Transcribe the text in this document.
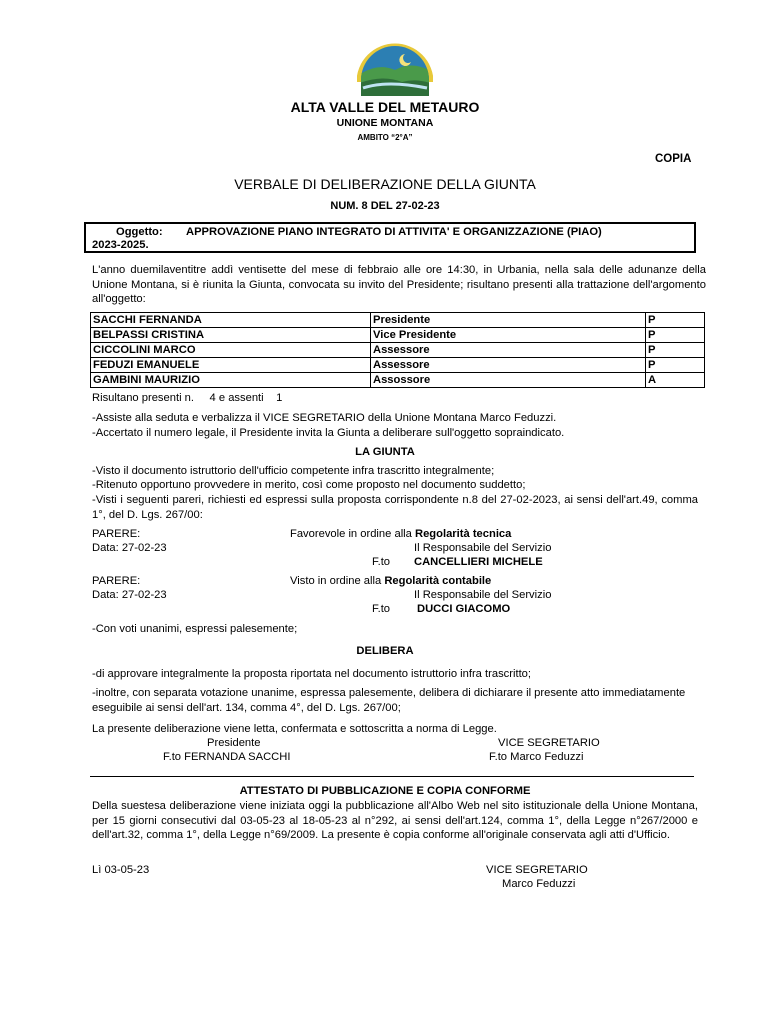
ALTA VALLE DEL METAURO
UNIONE MONTANA
AMBITO “2°A”
COPIA
VERBALE DI DELIBERAZIONE DELLA GIUNTA
NUM. 8 DEL 27-02-23
Oggetto: APPROVAZIONE PIANO INTEGRATO DI ATTIVITA' E ORGANIZZAZIONE (PIAO)
2023-2025.
L'anno duemilaventitre addì ventisette del mese di febbraio alle ore 14:30, in Urbania, nella sala delle adunanze della Unione Montana, si è riunita la Giunta, convocata su invito del Presidente; risultano presenti alla trattazione dell'argomento all'oggetto:
SACCHI FERNANDA	Presidente	P
BELPASSI CRISTINA	Vice Presidente	P
CICCOLINI MARCO	Assessore	P
FEDUZI EMANUELE	Assessore	P
GAMBINI MAURIZIO	Assossore	A
Risultano presenti n.     4 e assenti    1
-Assiste alla seduta e verbalizza il VICE SEGRETARIO della Unione Montana Marco Feduzzi.
-Accertato il numero legale, il Presidente invita la Giunta a deliberare sull'oggetto sopraindicato.
LA GIUNTA
-Visto il documento istruttorio dell'ufficio competente infra trascritto integralmente;
-Ritenuto opportuno provvedere in merito, così come proposto nel documento suddetto;
-Visti i seguenti pareri, richiesti ed espressi sulla proposta corrispondente n.8 del 27-02-2023, ai sensi dell'art.49, comma 1°, del D. Lgs. 267/00:
PARERE:	Favorevole in ordine alla Regolarità tecnica
Data: 27-02-23	Il Responsabile del Servizio
F.to CANCELLIERI MICHELE
PARERE:	Visto in ordine alla Regolarità contabile
Data: 27-02-23	Il Responsabile del Servizio
F.to DUCCI GIACOMO
-Con voti unanimi, espressi palesemente;
DELIBERA
-di approvare integralmente la proposta riportata nel documento istruttorio infra trascritto;
-inoltre, con separata votazione unanime, espressa palesemente, delibera di dichiarare il presente atto immediatamente eseguibile ai sensi dell'art. 134, comma 4°, del D. Lgs. 267/00;
La presente deliberazione viene letta, confermata e sottoscritta a norma di Legge.
Presidente	VICE SEGRETARIO
F.to FERNANDA SACCHI	F.to Marco Feduzzi
ATTESTATO DI PUBBLICAZIONE E COPIA CONFORME
Della suestesa deliberazione viene iniziata oggi la pubblicazione all'Albo Web nel sito istituzionale della Unione Montana, per 15 giorni consecutivi dal 03-05-23 al 18-05-23 al n°292, ai sensi dell'art.124, comma 1°, della Legge n°267/2000 e dell'art.32, comma 1°, della Legge n°69/2009. La presente è copia conforme all'originale conservata agli atti d'Ufficio.
Lì 03-05-23	VICE SEGRETARIO
Marco Feduzzi
